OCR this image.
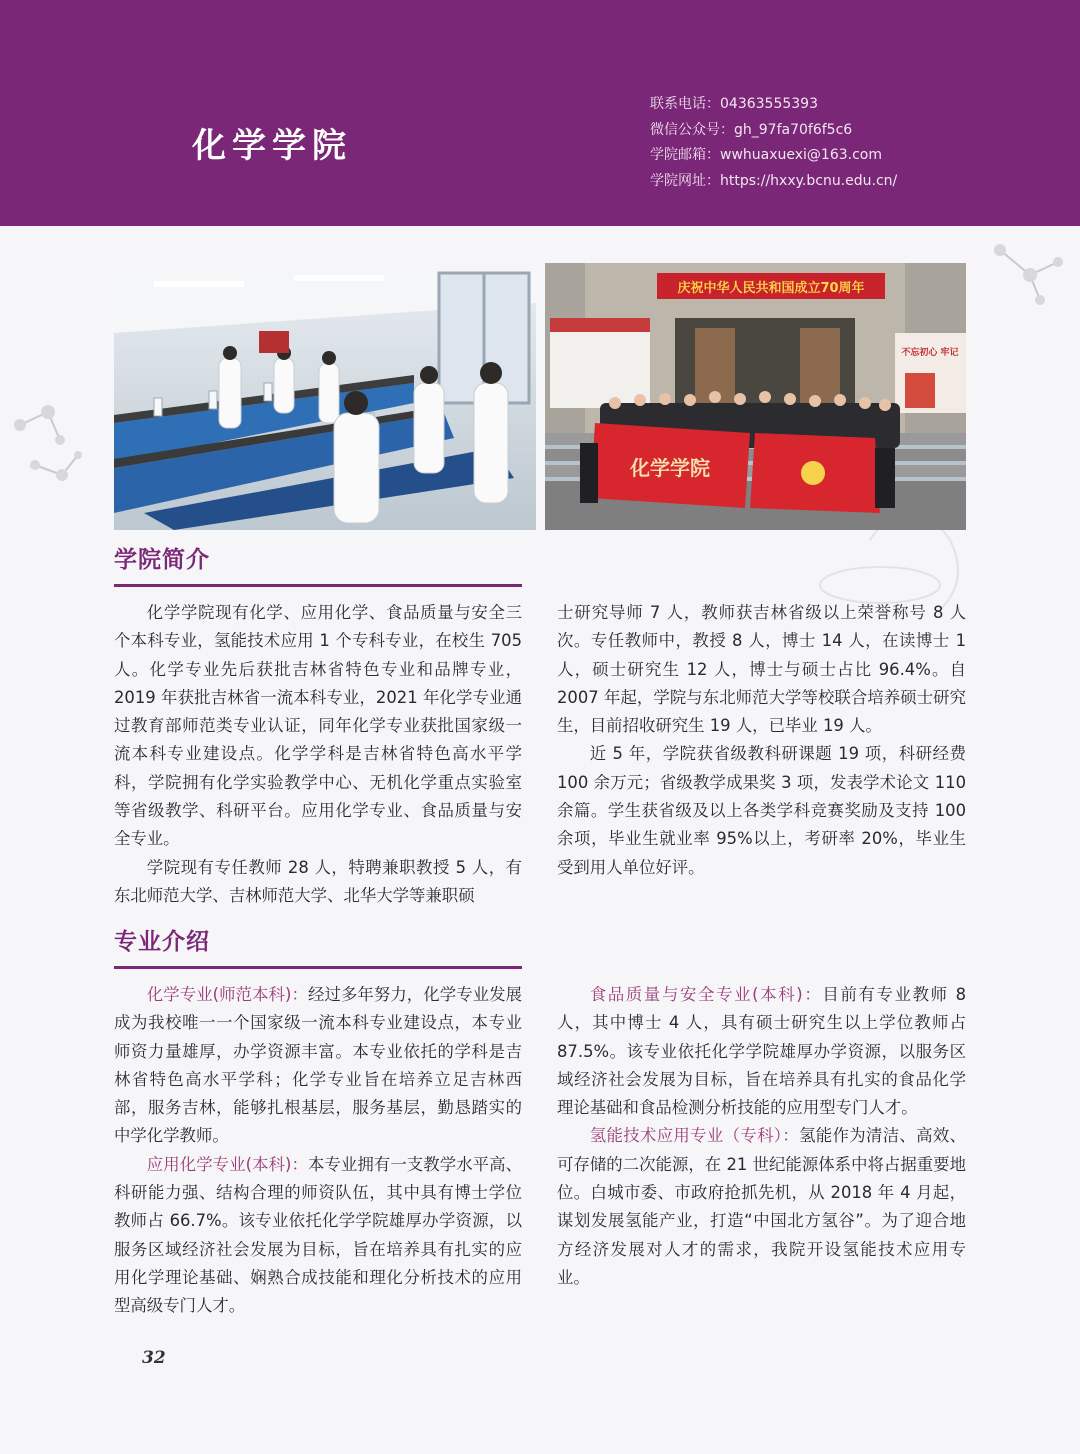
化学学院
联系电话：04363555393
微信公众号：gh_97fa70f6f5c6
学院邮箱：wwhuaxuexi@163.com
学院网址：https://hxxy.bcnu.edu.cn/
庆祝中华人民共和国成立70周年
不忘初心 牢记
化学学院
学院简介

化学学院现有化学、应用化学、食品质量与安全三个本科专业，氢能技术应用 1 个专科专业，在校生 705 人。化学专业先后获批吉林省特色专业和品牌专业，2019 年获批吉林省一流本科专业，2021 年化学专业通过教育部师范类专业认证，同年化学专业获批国家级一流本科专业建设点。化学学科是吉林省特色高水平学科，学院拥有化学实验教学中心、无机化学重点实验室等省级教学、科研平台。应用化学专业、食品质量与安全专业。

学院现有专任教师 28 人，特聘兼职教授 5 人，有东北师范大学、吉林师范大学、北华大学等兼职硕

士研究导师 7 人，教师获吉林省级以上荣誉称号 8 人次。专任教师中，教授 8 人，博士 14 人，在读博士 1 人，硕士研究生 12 人，博士与硕士占比 96.4%。自 2007 年起，学院与东北师范大学等校联合培养硕士研究生，目前招收研究生 19 人，已毕业 19 人。

近 5 年，学院获省级教科研课题 19 项，科研经费 100 余万元；省级教学成果奖 3 项，发表学术论文 110 余篇。学生获省级及以上各类学科竞赛奖励及支持 100 余项，毕业生就业率 95%以上，考研率 20%，毕业生受到用人单位好评。

专业介绍

化学专业(师范本科)：经过多年努力，化学专业发展成为我校唯一一个国家级一流本科专业建设点，本专业师资力量雄厚，办学资源丰富。本专业依托的学科是吉林省特色高水平学科；化学专业旨在培养立足吉林西部，服务吉林，能够扎根基层，服务基层，勤恳踏实的中学化学教师。

应用化学专业(本科)：本专业拥有一支教学水平高、科研能力强、结构合理的师资队伍，其中具有博士学位教师占 66.7%。该专业依托化学学院雄厚办学资源，以服务区域经济社会发展为目标，旨在培养具有扎实的应用化学理论基础、娴熟合成技能和理化分析技术的应用型高级专门人才。

食品质量与安全专业(本科)：目前有专业教师 8 人，其中博士 4 人，具有硕士研究生以上学位教师占 87.5%。该专业依托化学学院雄厚办学资源，以服务区域经济社会发展为目标，旨在培养具有扎实的食品化学理论基础和食品检测分析技能的应用型专门人才。

氢能技术应用专业（专科）：氢能作为清洁、高效、可存储的二次能源，在 21 世纪能源体系中将占据重要地位。白城市委、市政府抢抓先机，从 2018 年 4 月起，谋划发展氢能产业，打造“中国北方氢谷”。为了迎合地方经济发展对人才的需求，我院开设氢能技术应用专业。

32
